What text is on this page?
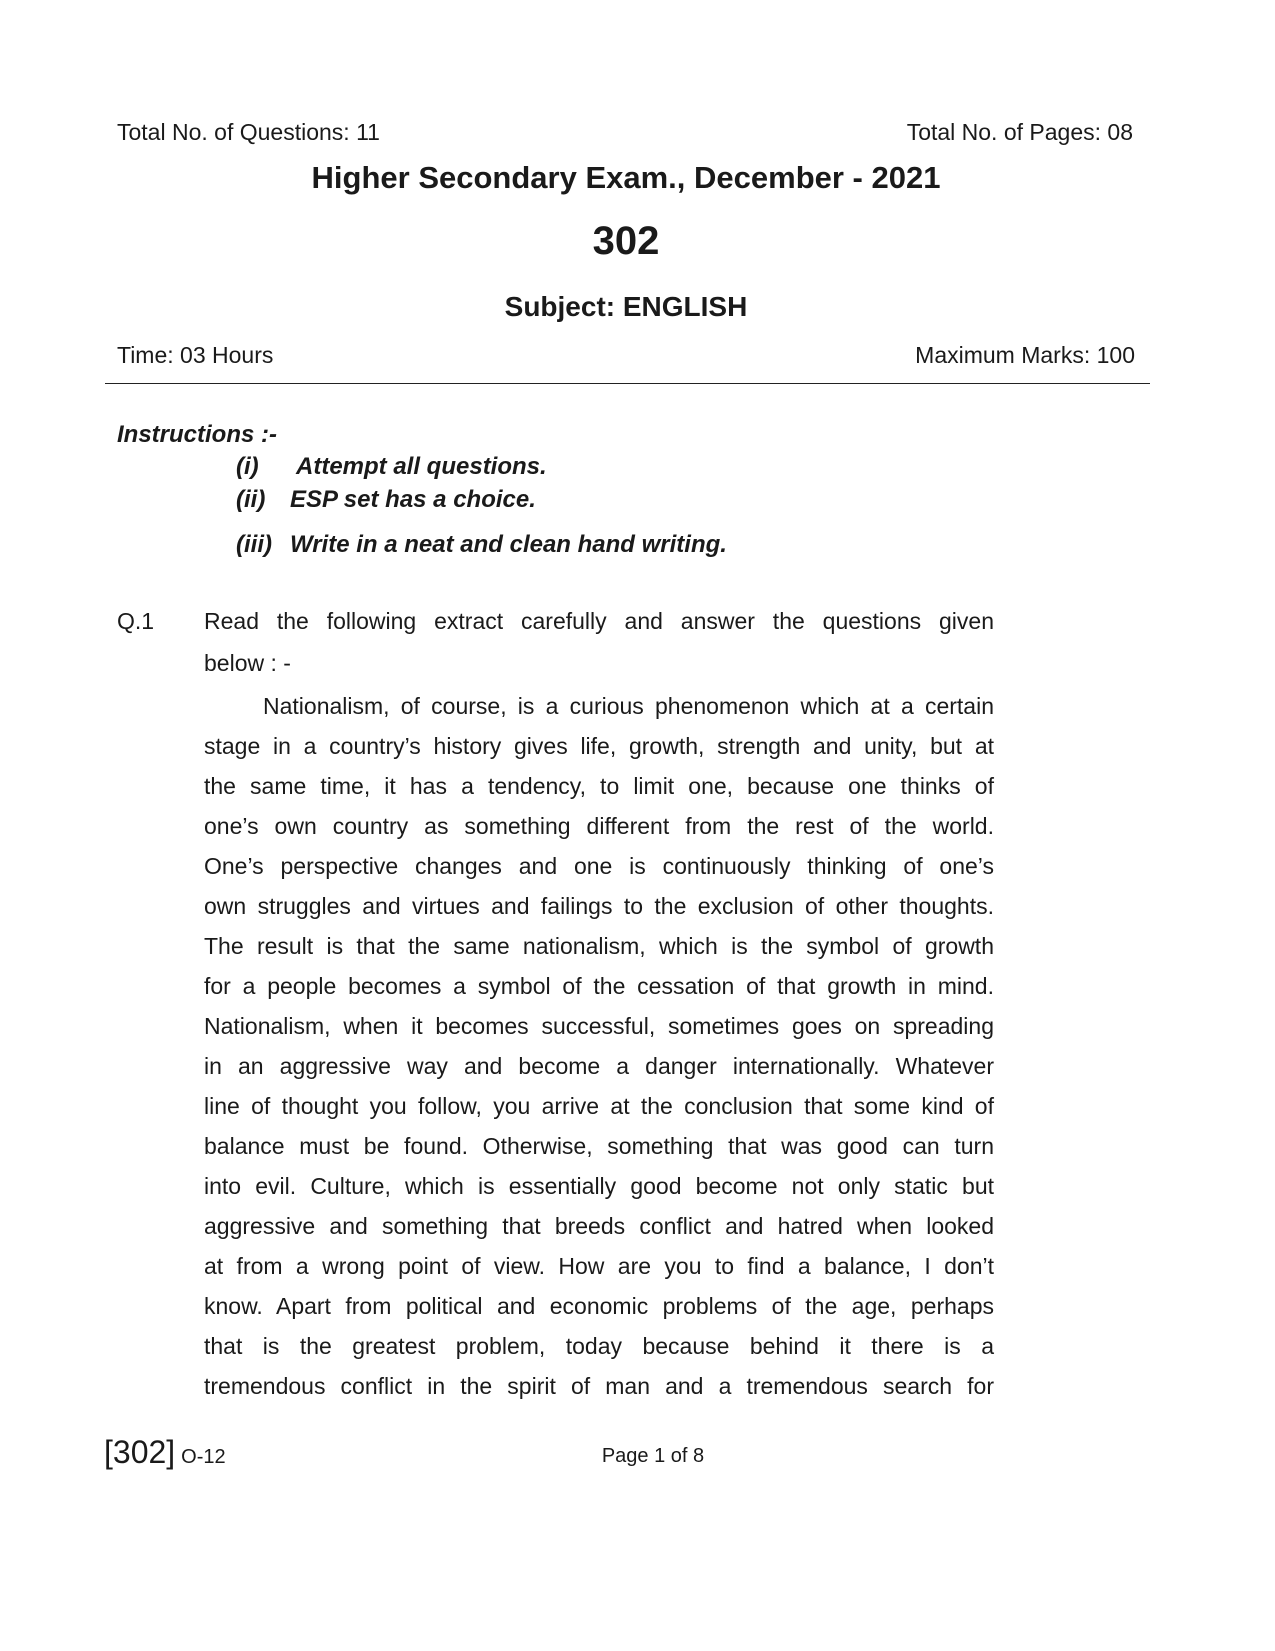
Total No. of Questions: 11	Total No. of Pages: 08
Higher Secondary Exam., December - 2021
302
Subject: ENGLISH
Time: 03 Hours	Maximum Marks: 100
Instructions :-
(i) Attempt all questions.
(ii) ESP set has a choice.
(iii) Write in a neat and clean hand writing.
Q.1 Read the following extract carefully and answer the questions given
below : -
Nationalism, of course, is a curious phenomenon which at a certain
stage in a country’s history gives life, growth, strength and unity, but at
the same time, it has a tendency, to limit one, because one thinks of
one’s own country as something different from the rest of the world.
One’s perspective changes and one is continuously thinking of one’s
own struggles and virtues and failings to the exclusion of other thoughts.
The result is that the same nationalism, which is the symbol of growth
for a people becomes a symbol of the cessation of that growth in mind.
Nationalism, when it becomes successful, sometimes goes on spreading
in an aggressive way and become a danger internationally. Whatever
line of thought you follow, you arrive at the conclusion that some kind of
balance must be found. Otherwise, something that was good can turn
into evil. Culture, which is essentially good become not only static but
aggressive and something that breeds conflict and hatred when looked
at from a wrong point of view. How are you to find a balance, I don’t
know. Apart from political and economic problems of the age, perhaps
that is the greatest problem, today because behind it there is a
tremendous conflict in the spirit of man and a tremendous search for
[302] O-12	Page 1 of 8
